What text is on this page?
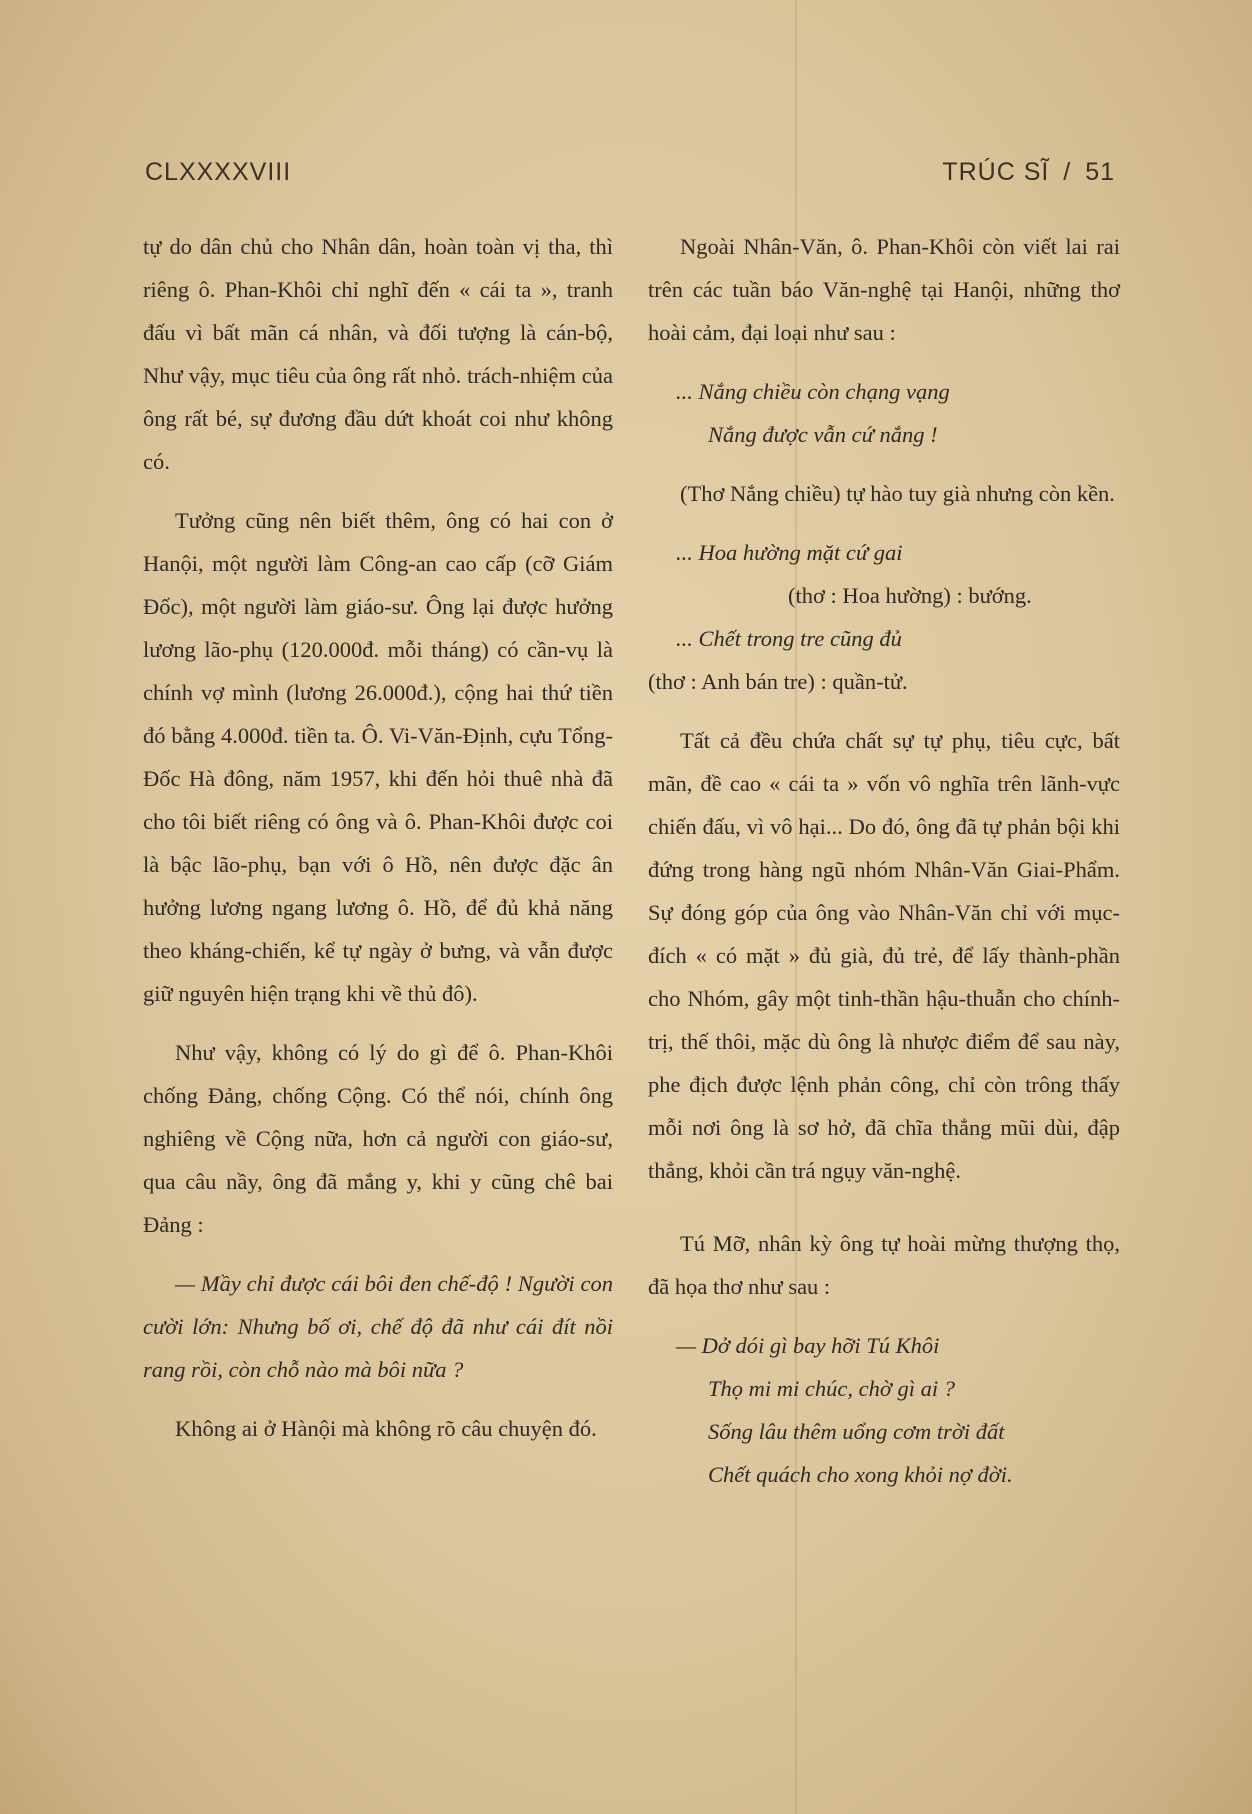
CLXXXXVIII	TRÚC SĨ / 51

tự do dân chủ cho Nhân dân, hoàn toàn vị tha, thì riêng ô. Phan-Khôi chỉ nghĩ đến « cái ta », tranh đấu vì bất mãn cá nhân, và đối tượng là cán-bộ, Như vậy, mục tiêu của ông rất nhỏ. trách-nhiệm của ông rất bé, sự đương đầu dứt khoát coi như không có.

Tưởng cũng nên biết thêm, ông có hai con ở Hanội, một người làm Công-an cao cấp (cỡ Giám Đốc), một người làm giáo-sư. Ông lại được hưởng lương lão-phụ (120.000đ. mỗi tháng) có cần-vụ là chính vợ mình (lương 26.000đ.), cộng hai thứ tiền đó bằng 4.000đ. tiền ta. Ô. Vi-Văn-Định, cựu Tổng-Đốc Hà đông, năm 1957, khi đến hỏi thuê nhà đã cho tôi biết riêng có ông và ô. Phan-Khôi được coi là bậc lão-phụ, bạn với ô Hồ, nên được đặc ân hưởng lương ngang lương ô. Hồ, để đủ khả năng theo kháng-chiến, kể tự ngày ở bưng, và vẫn được giữ nguyên hiện trạng khi về thủ đô).

Như vậy, không có lý do gì để ô. Phan-Khôi chống Đảng, chống Cộng. Có thể nói, chính ông nghiêng về Cộng nữa, hơn cả người con giáo-sư, qua câu nầy, ông đã mắng y, khi y cũng chê bai Đảng :

— Mầy chỉ được cái bôi đen chế-độ ! Người con cười lớn: Nhưng bố ơi, chế độ đã như cái đít nồi rang rồi, còn chỗ nào mà bôi nữa ?

Không ai ở Hànội mà không rõ câu chuyện đó.

Ngoài Nhân-Văn, ô. Phan-Khôi còn viết lai rai trên các tuần báo Văn-nghệ tại Hanội, những thơ hoài cảm, đại loại như sau :

... Nắng chiều còn chạng vạng

Nắng được vẫn cứ nắng !

(Thơ Nắng chiều) tự hào tuy già nhưng còn kền.

... Hoa hường mặt cứ gai

(thơ : Hoa hường) : bướng.

... Chết trong tre cũng đủ

(thơ : Anh bán tre) : quần-tử.

Tất cả đều chứa chất sự tự phụ, tiêu cực, bất mãn, đề cao « cái ta » vốn vô nghĩa trên lãnh-vực chiến đấu, vì vô hại... Do đó, ông đã tự phản bội khi đứng trong hàng ngũ nhóm Nhân-Văn Giai-Phẩm. Sự đóng góp của ông vào Nhân-Văn chỉ với mục-đích « có mặt » đủ già, đủ trẻ, để lấy thành-phần cho Nhóm, gây một tinh-thần hậu-thuẫn cho chính-trị, thế thôi, mặc dù ông là nhược điểm để sau này, phe địch được lệnh phản công, chỉ còn trông thấy mỗi nơi ông là sơ hở, đã chĩa thẳng mũi dùi, đập thẳng, khỏi cần trá ngụy văn-nghệ.

Tú Mỡ, nhân kỳ ông tự hoài mừng thượng thọ, đã họa thơ như sau :

— Dở dói gì bay hỡi Tú Khôi

Thọ mi mi chúc, chờ gì ai ?

Sống lâu thêm uổng cơm trời đất

Chết quách cho xong khỏi nợ đời.
